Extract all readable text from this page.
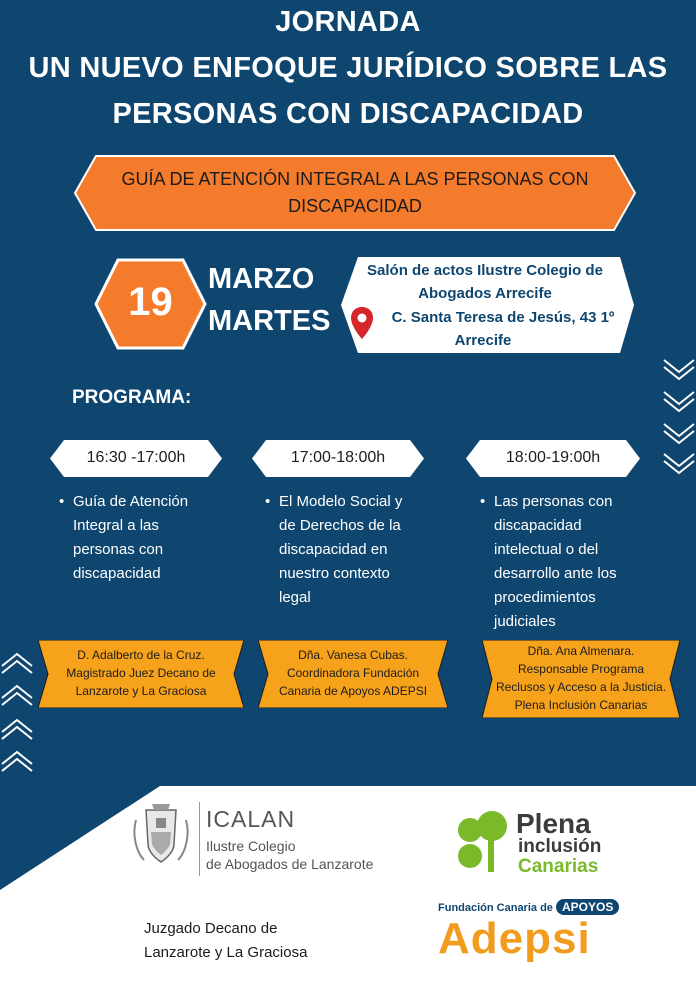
JORNADA
UN NUEVO ENFOQUE JURÍDICO SOBRE LAS
PERSONAS CON DISCAPACIDAD
GUÍA DE ATENCIÓN INTEGRAL A LAS PERSONAS CON
DISCAPACIDAD
19
MARZO
MARTES
Salón de actos Ilustre Colegio de
Abogados Arrecife
C. Santa Teresa de Jesús, 43 1º
Arrecife
PROGRAMA:
16:30 -17:00h	17:00-18:00h	18:00-19:00h
• Guía de Atención
Integral a las
personas con
discapacidad
• El Modelo Social y
de Derechos de la
discapacidad en
nuestro contexto
legal
• Las personas con
discapacidad
intelectual o del
desarrollo ante los
procedimientos
judiciales
D. Adalberto de la Cruz.
Magistrado Juez Decano de
Lanzarote y La Graciosa
Dña. Vanesa Cubas.
Coordinadora Fundación
Canaria de Apoyos ADEPSI
Dña. Ana Almenara.
Responsable Programa
Reclusos y Acceso a la Justicia.
Plena Inclusión Canarias
ICALAN
Ilustre Colegio
de Abogados de Lanzarote
Plena
inclusión
Canarias
Juzgado Decano de
Lanzarote y La Graciosa
Fundación Canaria de APOYOS
Adepsi
